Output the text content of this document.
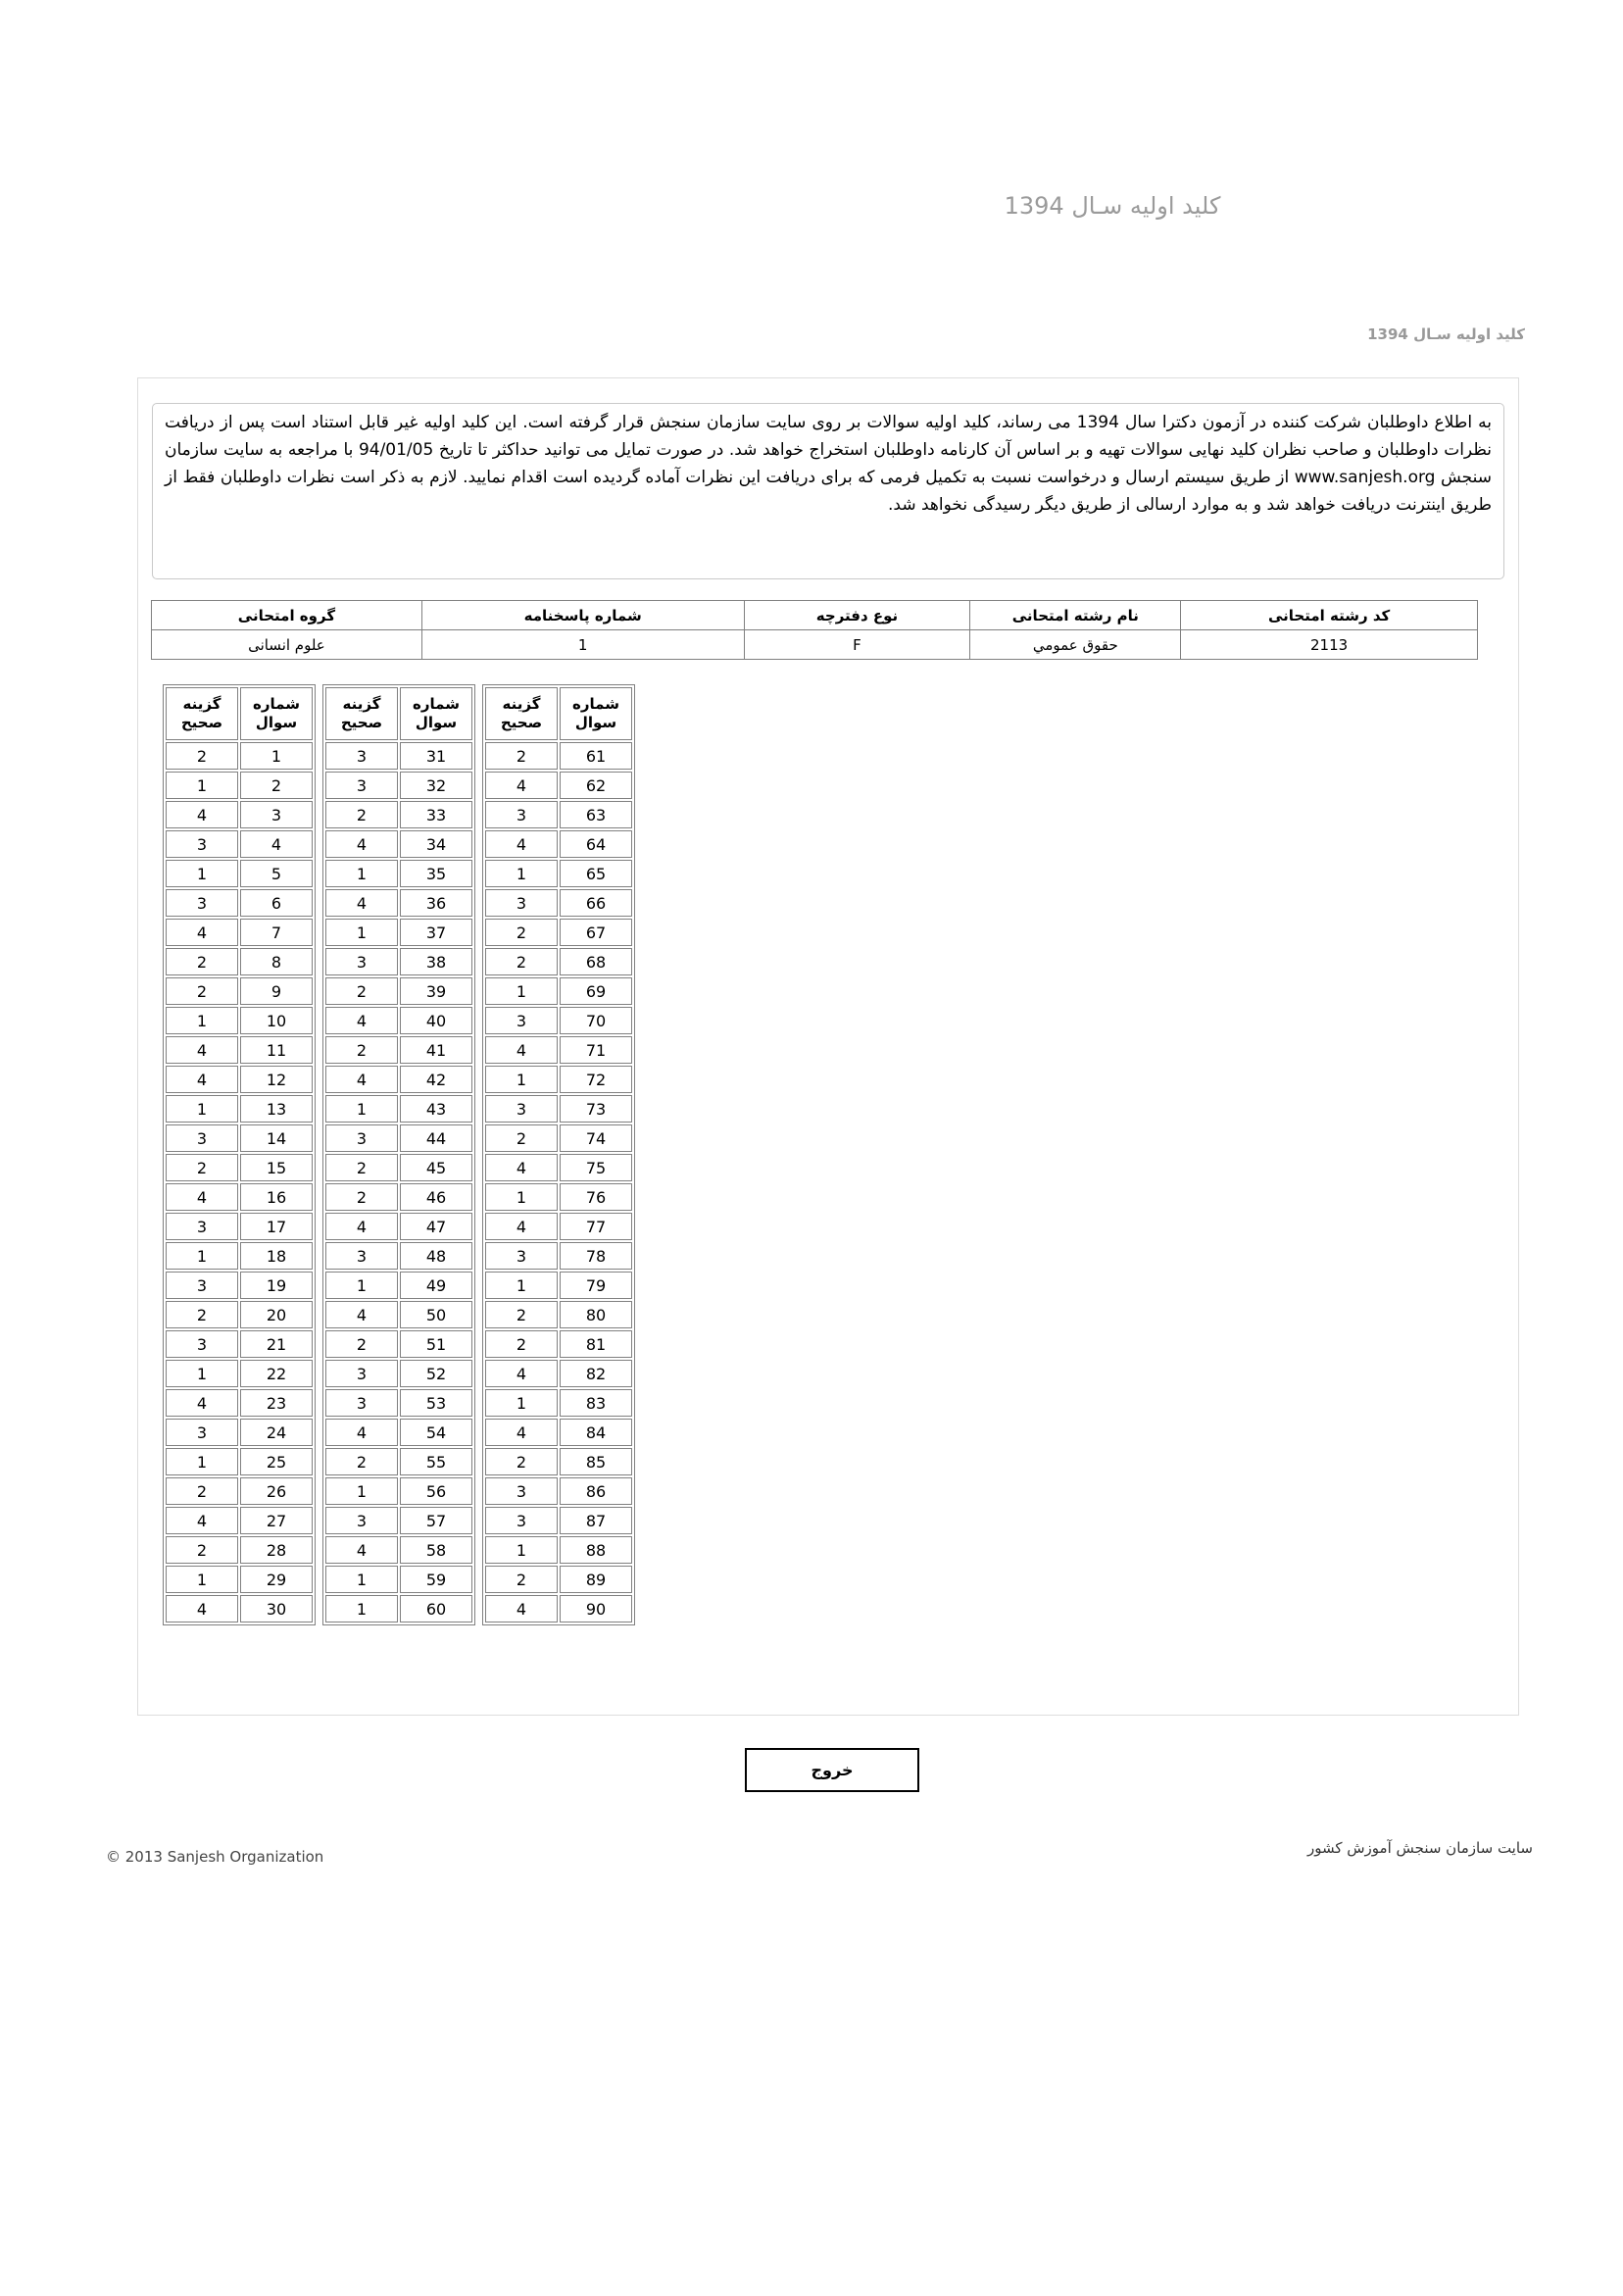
کلید اولیه سـال 1394
کلید اولیه سـال 1394
به اطلاع داوطلبان شرکت کننده در آزمون دکترا سال 1394 می رساند، کلید اولیه سوالات بر روی سایت سازمان سنجش قرار گرفته است. این کلید اولیه غیر قابل استناد است پس از دریافت نظرات داوطلبان و صاحب نظران کلید نهایی سوالات تهیه و بر اساس آن کارنامه داوطلبان استخراج خواهد شد. در صورت تمایل می توانید حداکثر تا تاریخ 94/01/05 با مراجعه به سایت سازمان سنجش www.sanjesh.org از طریق سیستم ارسال و درخواست نسبت به تکمیل فرمی که برای دریافت این نظرات آماده گردیده است اقدام نمایید. لازم به ذکر است نظرات داوطلبان فقط از طریق اینترنت دریافت خواهد شد و به موارد ارسالی از طریق دیگر رسیدگی نخواهد شد.
کد رشته امتحانی	نام رشته امتحانی	نوع دفترچه	شماره پاسخنامه	گروه امتحانی
2113	حقوق عمومي	F	1	علوم انسانی
شماره
سوال	گزینه
صحیح

1	2
2	1
3	4
4	3
5	1
6	3
7	4
8	2
9	2
10	1
11	4
12	4
13	1
14	3
15	2
16	4
17	3
18	1
19	3
20	2
21	3
22	1
23	4
24	3
25	1
26	2
27	4
28	2
29	1
30	4
شماره
سوال	گزینه
صحیح

31	3
32	3
33	2
34	4
35	1
36	4
37	1
38	3
39	2
40	4
41	2
42	4
43	1
44	3
45	2
46	2
47	4
48	3
49	1
50	4
51	2
52	3
53	3
54	4
55	2
56	1
57	3
58	4
59	1
60	1
شماره
سوال	گزینه
صحیح

61	2
62	4
63	3
64	4
65	1
66	3
67	2
68	2
69	1
70	3
71	4
72	1
73	3
74	2
75	4
76	1
77	4
78	3
79	1
80	2
81	2
82	4
83	1
84	4
85	2
86	3
87	3
88	1
89	2
90	4
خروج
© 2013 Sanjesh Organization	سایت سازمان سنجش آموزش کشور
